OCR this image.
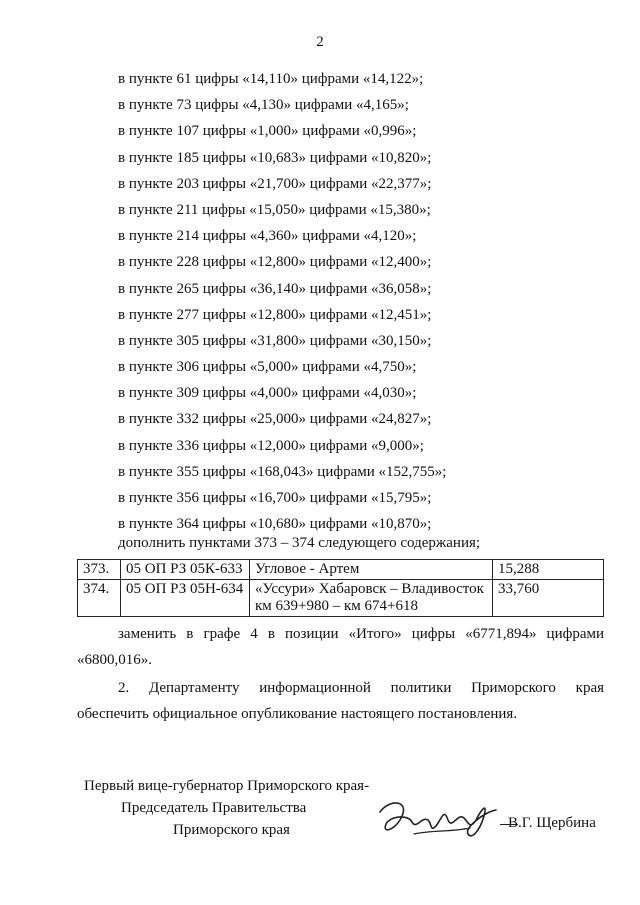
2
в пункте 61 цифры «14,110» цифрами «14,122»;
в пункте 73 цифры «4,130» цифрами «4,165»;
в пункте 107 цифры «1,000» цифрами «0,996»;
в пункте 185 цифры «10,683» цифрами «10,820»;
в пункте 203 цифры «21,700» цифрами «22,377»;
в пункте 211 цифры «15,050» цифрами «15,380»;
в пункте 214 цифры «4,360» цифрами «4,120»;
в пункте 228 цифры «12,800» цифрами «12,400»;
в пункте 265 цифры «36,140» цифрами «36,058»;
в пункте 277 цифры «12,800» цифрами «12,451»;
в пункте 305 цифры «31,800» цифрами «30,150»;
в пункте 306 цифры «5,000» цифрами «4,750»;
в пункте 309 цифры «4,000» цифрами «4,030»;
в пункте 332 цифры «25,000» цифрами «24,827»;
в пункте 336 цифры «12,000» цифрами «9,000»;
в пункте 355 цифры «168,043» цифрами «152,755»;
в пункте 356 цифры «16,700» цифрами «15,795»;
в пункте 364 цифры «10,680» цифрами «10,870»;
дополнить пунктами 373 – 374 следующего содержания;
373.	05 ОП РЗ 05К-633	Угловое - Артем	15,288
374.	05 ОП РЗ 05Н-634	«Уссури» Хабаровск – Владивосток
км 639+980 – км 674+618	33,760
заменить в графе 4 в позиции «Итого» цифры «6771,894» цифрами
«6800,016».
2. Департаменту информационной политики Приморского края
обеспечить официальное опубликование настоящего постановления.
Первый вице-губернатор Приморского края-
Председатель Правительства
Приморского края	В.Г. Щербина
